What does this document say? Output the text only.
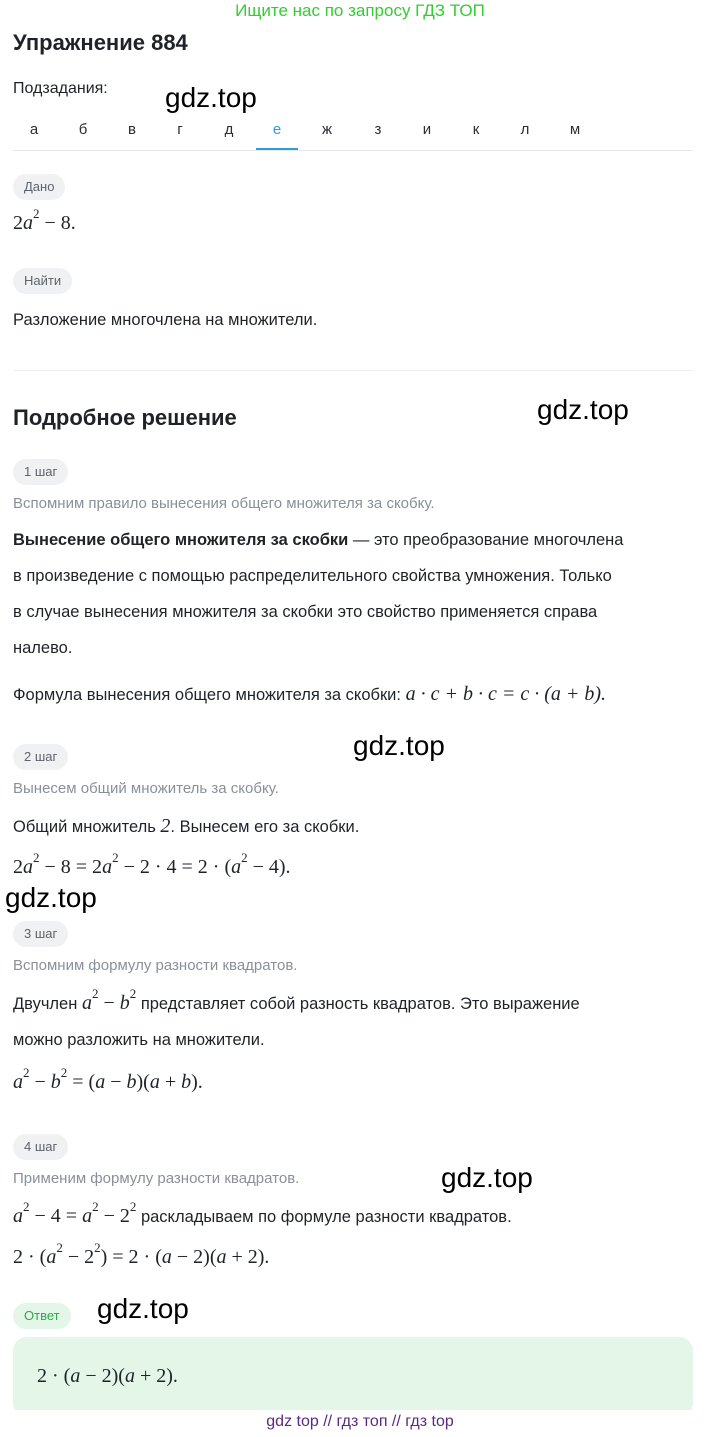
Ищите нас по запросу ГДЗ ТОП
Упражнение 884
Подзадания:
а	б	в	г	д	е	ж	з	и	к	л	м
Дано
$2a^2 - 8$.
Найти
Разложение многочлена на множители.
Подробное решение
1 шаг
Вспомним правило вынесения общего множителя за скобку.
Вынесение общего множителя за скобки — это преобразование многочлена
в произведение с помощью распределительного свойства умножения. Только
в случае вынесения множителя за скобки это свойство применяется справа
налево.
Формула вынесения общего множителя за скобки: a · c + b · c = c · (a + b).
2 шаг
Вынесем общий множитель за скобку.
Общий множитель 2. Вынесем его за скобки.
$2a^2 - 8 = 2a^2 - 2 \cdot 4 = 2 \cdot (a^2 - 4)$.
3 шаг
Вспомним формулу разности квадратов.
Двучлен $a^2 - b^2$ представляет собой разность квадратов. Это выражение
можно разложить на множители.
$a^2 - b^2 = (a - b)(a + b)$.
4 шаг
Применим формулу разности квадратов.
$a^2 - 4 = a^2 - 2^2$ раскладываем по формуле разности квадратов.
$2 \cdot (a^2 - 2^2) = 2 \cdot (a - 2)(a + 2)$.
Ответ
2 · (a − 2)(a + 2).
gdz.top
gdz.top
gdz.top
gdz.top
gdz.top
gdz.top
gdz top // гдз топ // гдз top
